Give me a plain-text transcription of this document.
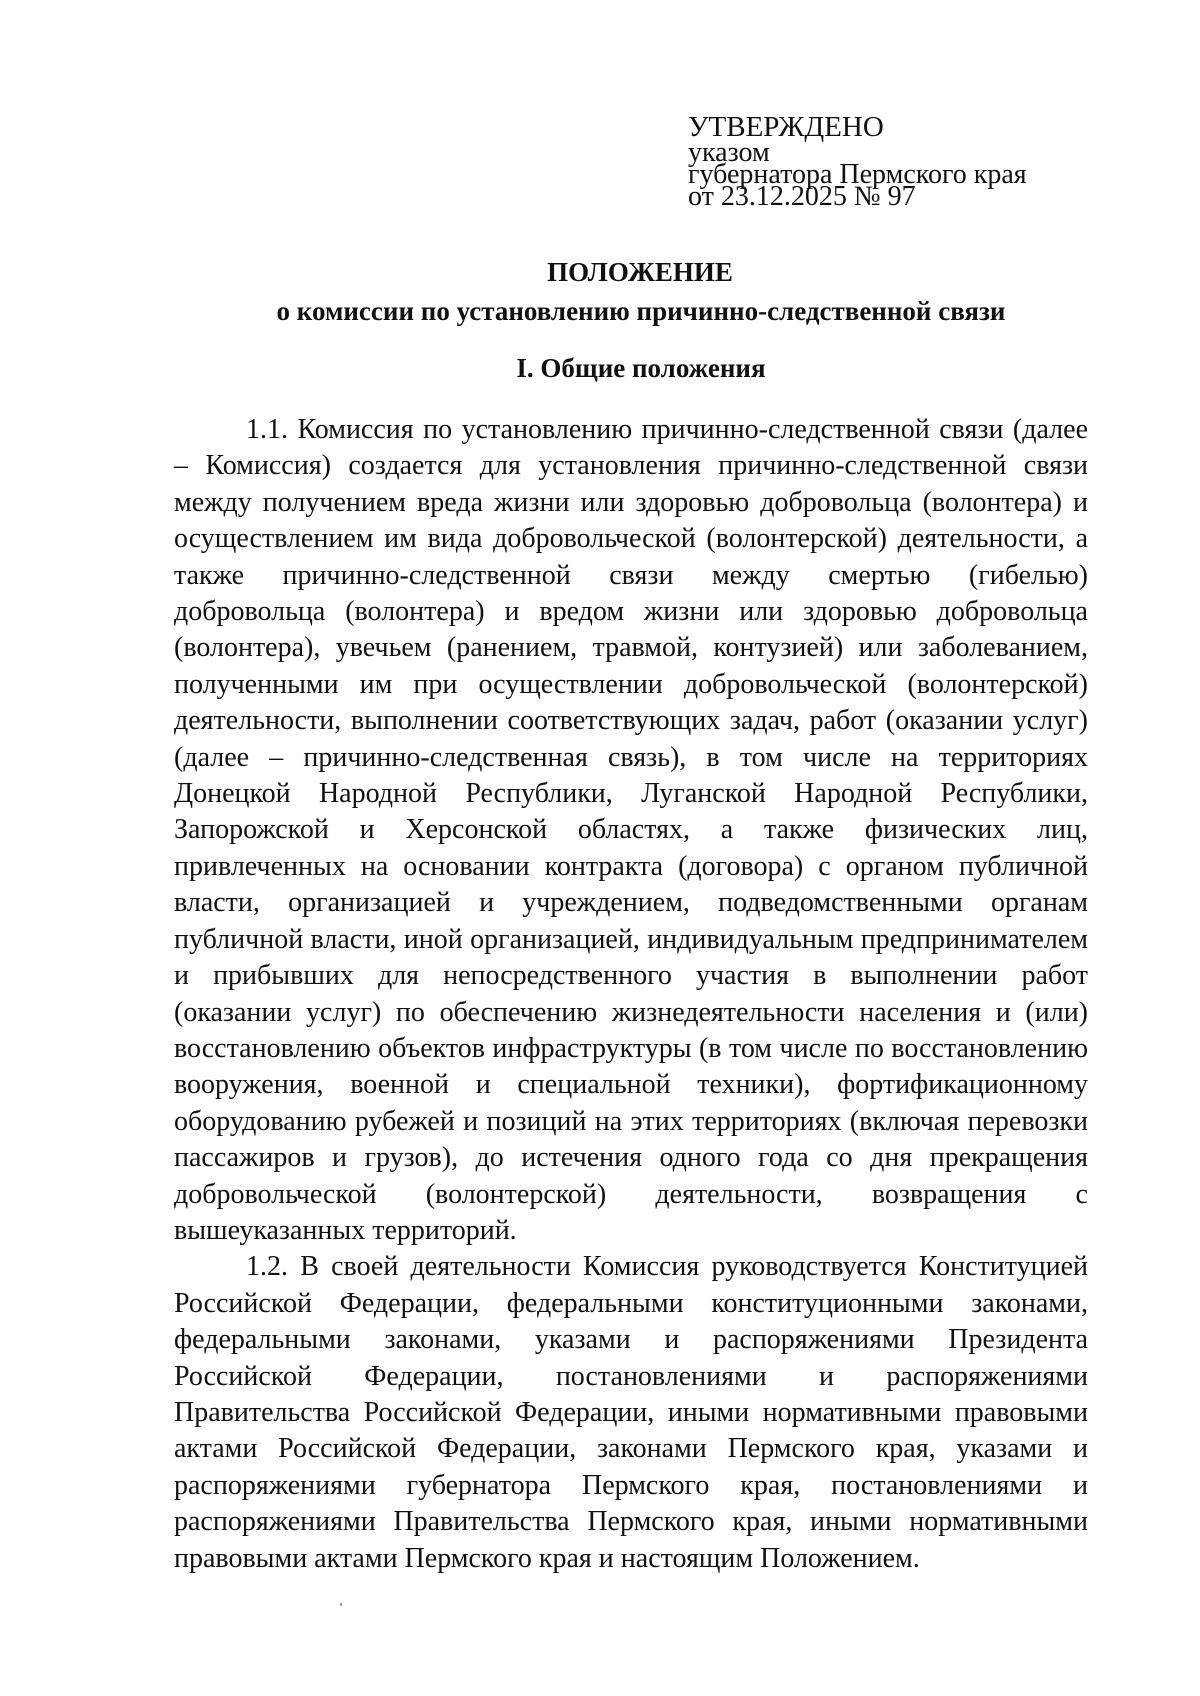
УТВЕРЖДЕНО
указом
губернатора Пермского края
от 23.12.2025 № 97
ПОЛОЖЕНИЕ
о комиссии по установлению причинно-следственной связи
I. Общие положения

1.1. Комиссия по установлению причинно-следственной связи (далее – Комиссия) создается для установления причинно-следственной связи между получением вреда жизни или здоровью добровольца (волонтера) и осуществлением им вида добровольческой (волонтерской) деятельности, а также причинно-следственной связи между смертью (гибелью) добровольца (волонтера) и вредом жизни или здоровью добровольца (волонтера), увечьем (ранением, травмой, контузией) или заболеванием, полученными им при осуществлении добровольческой (волонтерской) деятельности, выполнении соответствующих задач, работ (оказании услуг) (далее – причинно-следственная связь), в том числе на территориях Донецкой Народной Республики, Луганской Народной Республики, Запорожской и Херсонской областях, а также физических лиц, привлеченных на основании контракта (договора) с органом публичной власти, организацией и учреждением, подведомственными органам публичной власти, иной организацией, индивидуальным предпринимателем и прибывших для непосредственного участия в выполнении работ (оказании услуг) по обеспечению жизнедеятельности населения и (или) восстановлению объектов инфраструктуры (в том числе по восстановлению вооружения, военной и специальной техники), фортификационному оборудованию рубежей и позиций на этих территориях (включая перевозки пассажиров и грузов), до истечения одного года со дня прекращения добровольческой (волонтерской) деятельности, возвращения с вышеуказанных территорий.

1.2. В своей деятельности Комиссия руководствуется Конституцией Российской Федерации, федеральными конституционными законами, федеральными законами, указами и распоряжениями Президента Российской Федерации, постановлениями и распоряжениями Правительства Российской Федерации, иными нормативными правовыми актами Российской Федерации, законами Пермского края, указами и распоряжениями губернатора Пермского края, постановлениями и распоряжениями Правительства Пермского края, иными нормативными правовыми актами Пермского края и настоящим Положением.
